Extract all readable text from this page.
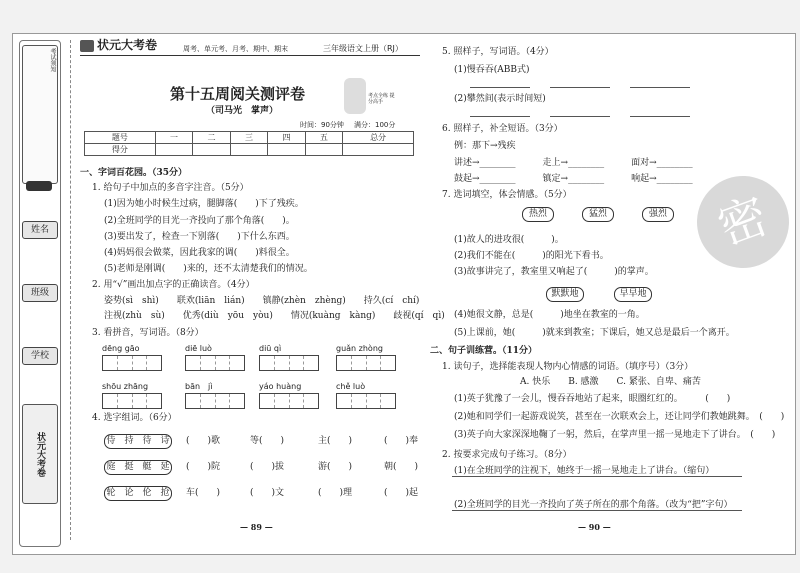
考试须知
姓名
班级
学校
状元大考卷
状元大考卷	周考、单元考、月考、期中、期末	三年级语文上册（RJ）
第十五周阅关测评卷
（司马光　掌声）
考点全练 提分高手
时间：90分钟 满分：100分
题号	一	二	三	四	五	总分
得分						
一、字词百花园。（35分）
1. 给句子中加点的多音字注音。（5分）
(1)因为她小时候生过病，腿脚落(　　)下了残疾。
(2)全班同学的目光一齐投向了那个角落(　　)。
(3)要出发了，检查一下别落(　　)下什么东西。
(4)妈妈很会做菜，因此我家的调(　　)料很全。
(5)老师是刚调(　　)来的，还不太清楚我们的情况。
2. 用“√”画出加点字的正确读音。（4分）
姿势(sì　shì)　　联欢(liān　lián)　　镇静(zhèn　zhèng)　　持久(cí　chí)
注视(zhù　sù)　　优秀(diù　yōu　yòu)　　情况(kuàng　kàng)　　歧视(qí　qì)
3. 看拼音，写词语。（8分）
4. 选字组词。（6分）
dēng gāo	diē luò	diū qì	guǎn zhòng
shōu zhāng	bān　jì	yáo huàng	chě luò
侍　持　待　诗 (　　)歌	等(　　)	主(　　)	(　　)奉
庭　挺　艇　延 (　　)院	(　　)拔	游(　　)	朝(　　)
轮　论　伦　抢 车(　　)	(　　)文	(　　)理	(　　)起
— 89 —
5. 照样子，写词语。（4分）
(1)慢吞吞(ABB式)
(2)攀然间(表示时间短)
6. 照样子，补全短语。（3分）
例：那下→残疾
讲述→________　　　走上→________　　　面对→________
鼓起→________　　　镇定→________　　　响起→________
7. 选词填空，体会情感。（5分）
(1)故人的进攻很(　　　)。
(2)我们不能在(　　　)的阳光下看书。
(3)故事讲完了，教室里又响起了(　　　)的掌声。
(4)她很文静，总是(　　　)地坐在教室的一角。
(5)上课前，她(　　　)就来到教室；下课后，她又总是最后一个离开。
二、句子训练营。（11分）
1. 读句子，选择能表现人物内心情感的词语。（填序号）（3分）
A. 快乐　　B. 感激　　C. 紧张、自卑、痛苦
(1)英子犹豫了一会儿，慢吞吞地站了起来，眼圈红红的。　　　(　　)
(2)她和同学们一起游戏说笑，甚至在一次联欢会上，还让同学们教她跳舞。　(　　)
(3)英子向大家深深地鞠了一躬，然后，在掌声里一摇一晃地走下了讲台。　(　　)
2. 按要求完成句子练习。（8分）
(1)在全班同学的注视下，她终于一摇一晃地走上了讲台。（缩句）
(2)全班同学的目光一齐投向了英子所在的那个角落。（改为“把”字句）
热烈	猛烈	强烈
默默地	早早地
密
— 90 —
